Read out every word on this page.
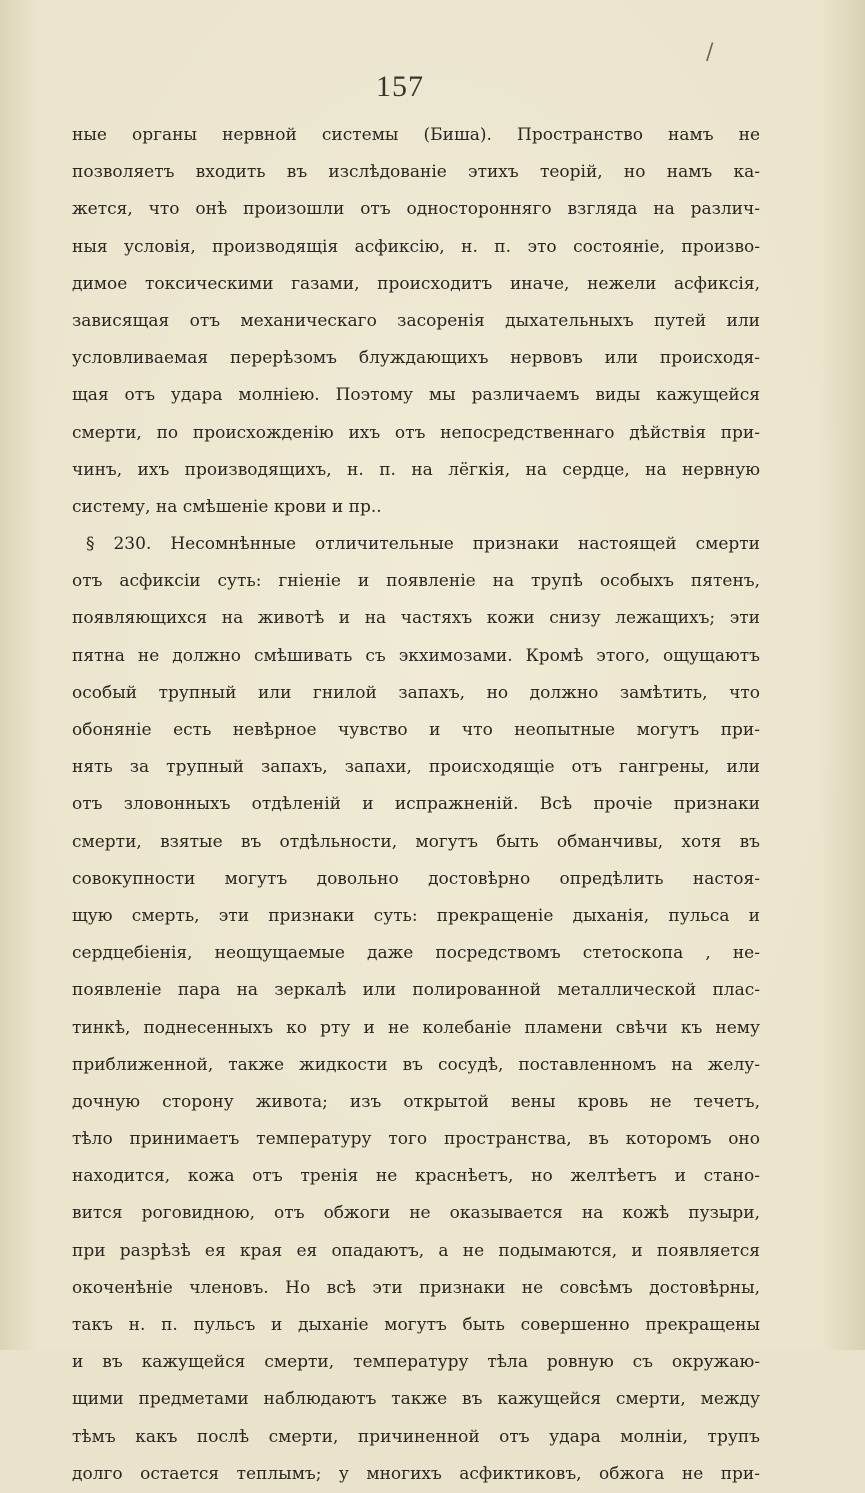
/
157
ные органы нервной системы (Биша). Пространство намъ не
позволяетъ входить въ изслѣдованіе этихъ теорій, но намъ ка-
жется, что онѣ произошли отъ односторонняго взгляда на различ-
ныя условія, производящія асфиксію, н. п. это состояніе, произво-
димое токсическими газами, происходитъ иначе, нежели асфиксія,
зависящая отъ механическаго засоренія дыхательныхъ путей или
условливаемая перерѣзомъ блуждающихъ нервовъ или происходя-
щая отъ удара молніею. Поэтому мы различаемъ виды кажущейся
смерти, по происхожденію ихъ отъ непосредственнаго дѣйствія при-
чинъ, ихъ производящихъ, н. п. на лёгкія, на сердце, на нервную
систему, на смѣшеніе крови и пр..
§ 230. Несомнѣнные отличительные признаки настоящей смерти
отъ асфиксіи суть: гніеніе и появленіе на трупѣ особыхъ пятенъ,
появляющихся на животѣ и на частяхъ кожи снизу лежащихъ; эти
пятна не должно смѣшивать съ экхимозами. Кромѣ этого, ощущаютъ
особый трупный или гнилой запахъ, но должно замѣтить, что
обоняніе есть невѣрное чувство и что неопытные могутъ при-
нять за трупный запахъ, запахи, происходящіе отъ гангрены, или
отъ зловонныхъ отдѣленій и испражненій. Всѣ прочіе признаки
смерти, взятые въ отдѣльности, могутъ быть обманчивы, хотя въ
совокупности могутъ довольно достовѣрно опредѣлить настоя-
щую смерть, эти признаки суть: прекращеніе дыханія, пульса и
сердцебіенія, неощущаемые даже посредствомъ стетоскопа , не-
появленіе пара на зеркалѣ или полированной металлической плас-
тинкѣ, поднесенныхъ ко рту и не колебаніе пламени свѣчи къ нему
приближенной, также жидкости въ сосудѣ, поставленномъ на желу-
дочную сторону живота; изъ открытой вены кровь не течетъ,
тѣло принимаетъ температуру того пространства, въ которомъ оно
находится, кожа отъ тренія не краснѣетъ, но желтѣетъ и стано-
вится роговидною, отъ обжоги не оказывается на кожѣ пузыри,
при разрѣзѣ ея края ея опадаютъ, а не подымаются, и появляется
окоченѣніе членовъ. Но всѣ эти признаки не совсѣмъ достовѣрны,
такъ н. п. пульсъ и дыханіе могутъ быть совершенно прекращены
и въ кажущейся смерти, температуру тѣла ровную съ окружаю-
щими предметами наблюдаютъ также въ кажущейся смерти, между
тѣмъ какъ послѣ смерти, причиненной отъ удара молніи, трупъ
долго остается теплымъ; у многихъ асфиктиковъ, обжога не при-
